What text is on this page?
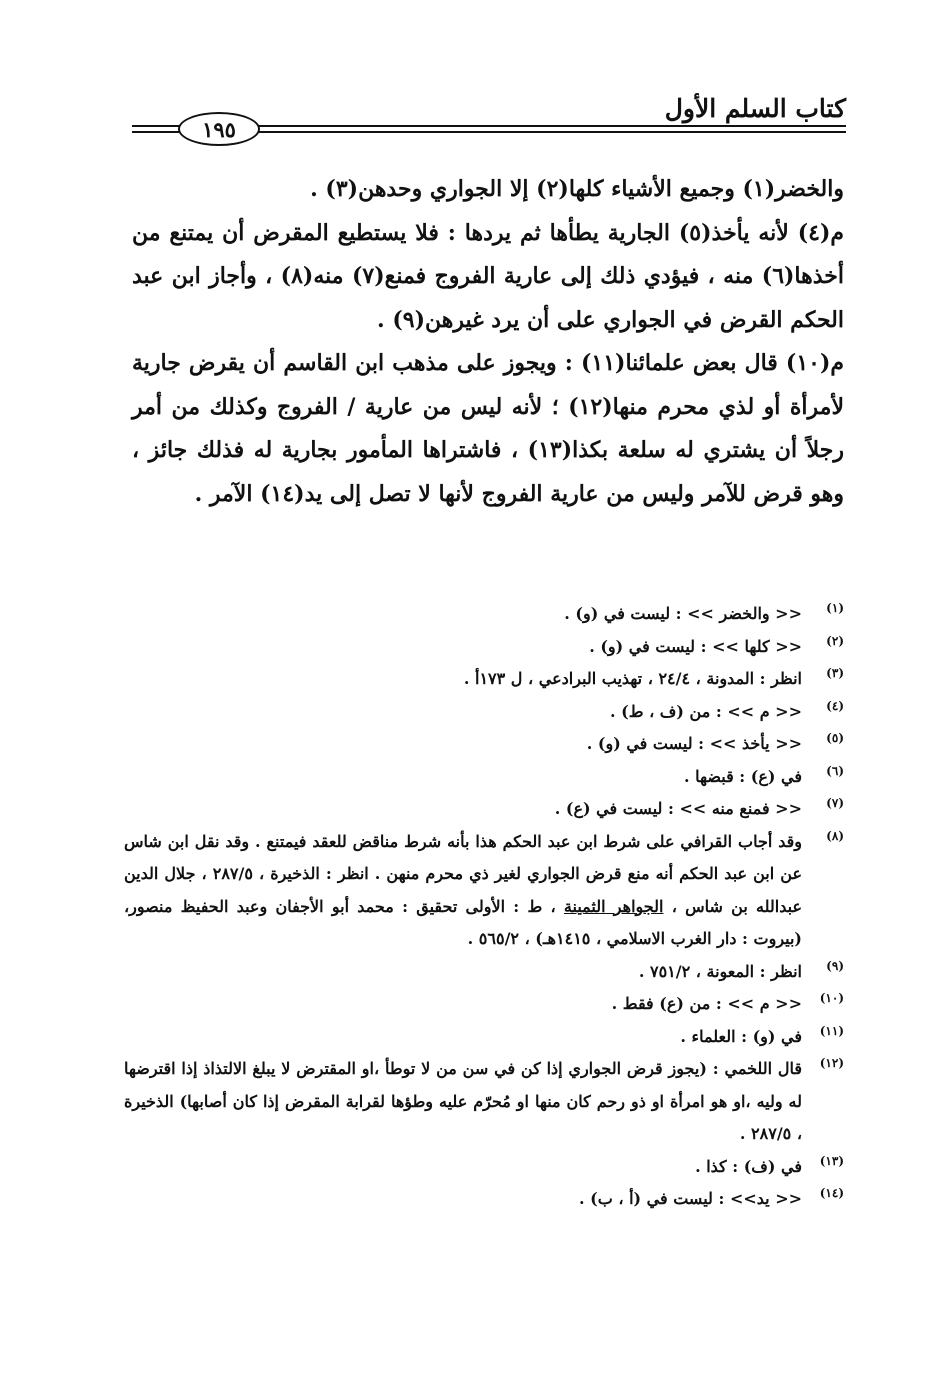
كتاب السلم الأول
١٩٥

والخضر(١) وجميع الأشياء كلها(٢) إلا الجواري وحدهن(٣) .

م(٤) لأنه يأخذ(٥) الجارية يطأها ثم يردها : فلا يستطيع المقرض أن يمتنع من أخذها(٦) منه ، فيؤدي ذلك إلى عارية الفروج فمنع(٧) منه(٨) ، وأجاز ابن عبد الحكم القرض في الجواري على أن يرد غيرهن(٩) .

م(١٠) قال بعض علمائنا(١١) : ويجوز على مذهب ابن القاسم أن يقرض جارية لأمرأة أو لذي محرم منها(١٢) ؛ لأنه ليس من عارية / الفروج وكذلك من أمر رجلاً أن يشتري له سلعة بكذا(١٣) ، فاشتراها المأمور بجارية له فذلك جائز ، وهو قرض للآمر وليس من عارية الفروج لأنها لا تصل إلى يد(١٤) الآمر .

(١)
<< والخضر >> : ليست في (و) .
(٢)
<< كلها >> : ليست في (و) .
(٣)
انظر : المدونة ، ٢٤/٤ ، تهذيب البرادعي ، ل ١٧٣أ .
(٤)
<< م >> : من (ف ، ط) .
(٥)
<< يأخذ >> : ليست في (و) .
(٦)
في (ع) : قبضها .
(٧)
<< فمنع منه >> : ليست في (ع) .
(٨)
وقد أجاب القرافي على شرط ابن عبد الحكم هذا بأنه شرط مناقض للعقد فيمتنع . وقد نقل ابن شاس عن ابن عبد الحكم أنه منع قرض الجواري لغير ذي محرم منهن . انظر : الذخيرة ، ٢٨٧/٥ ، جلال الدين عبدالله بن شاس ، الجواهر الثمينة ، ط : الأولى تحقيق : محمد أبو الأجفان وعبد الحفيظ منصور، (بيروت : دار الغرب الاسلامي ، ١٤١٥هـ) ، ٥٦٥/٢ .
(٩)
انظر : المعونة ، ٧٥١/٢ .
(١٠)
<< م >> : من (ع) فقط .
(١١)
في (و) : العلماء .
(١٢)
قال اللخمي : (يجوز قرض الجواري إذا كن في سن من لا توطأ ،او المقترض لا يبلغ الالتذاذ إذا اقترضها له وليه ،او هو امرأة او ذو رحم كان منها او مُحرّم عليه وطؤها لقرابة المقرض إذا كان أصابها) الذخيرة ، ٢٨٧/٥ .
(١٣)
في (ف) : كذا .
(١٤)
<< يد>> : ليست في (أ ، ب) .
